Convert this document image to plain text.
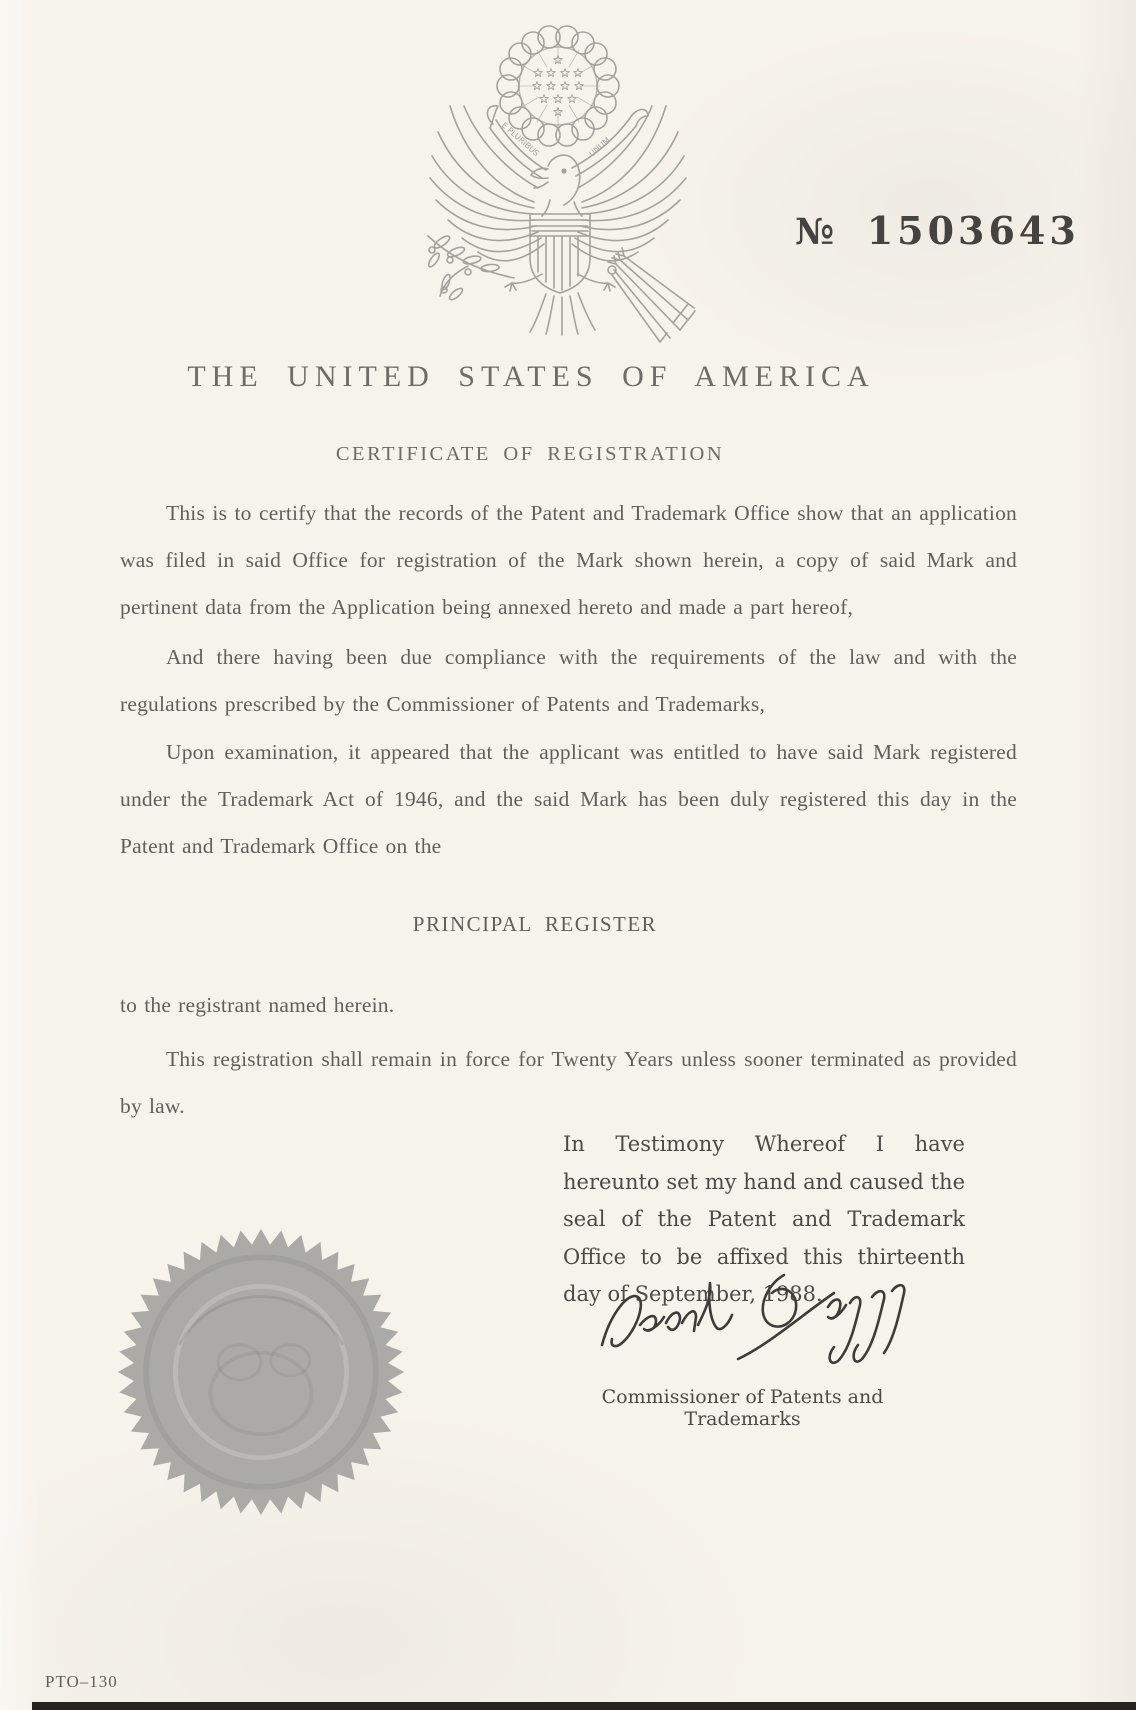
E PLURIBUS	UNUM
№ 1503643
THE UNITED STATES OF AMERICA
CERTIFICATE OF REGISTRATION
This is to certify that the records of the Patent and Trademark Office show that an application was filed in said Office for registration of the Mark shown herein, a copy of said Mark and pertinent data from the Application being annexed hereto and made a part hereof,
And there having been due compliance with the requirements of the law and with the regulations prescribed by the Commissioner of Patents and Trademarks,
Upon examination, it appeared that the applicant was entitled to have said Mark registered under the Trademark Act of 1946, and the said Mark has been duly registered this day in the Patent and Trademark Office on the
PRINCIPAL REGISTER
to the registrant named herein.
This registration shall remain in force for Twenty Years unless sooner terminated as provided by law.
In Testimony Whereof I have hereunto set my hand and caused the seal of the Patent and Trademark Office to be affixed this thirteenth day of September, 1988.
Commissioner of Patents and Trademarks
PTO–130
